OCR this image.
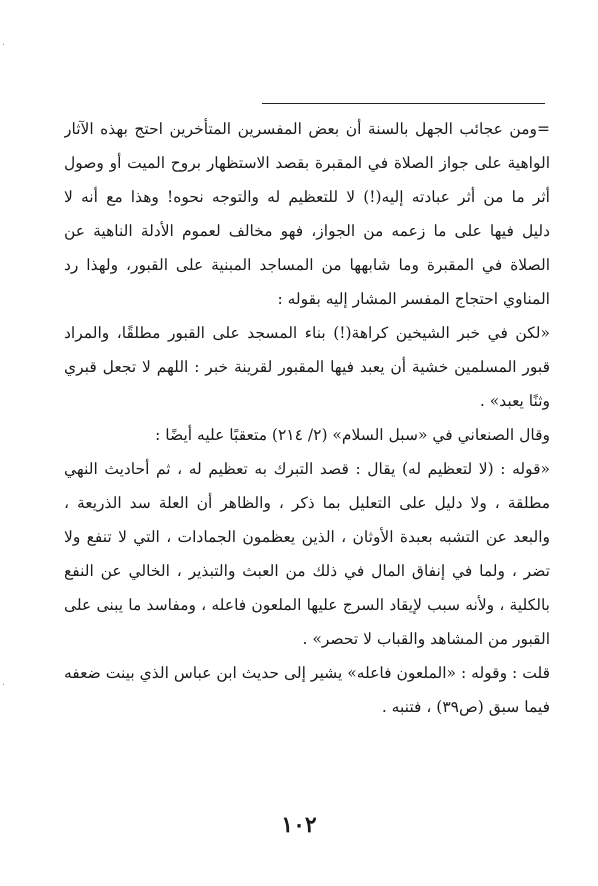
=ومن عجائب الجهل بالسنة أن بعض المفسرين المتأخرين احتج بهذه الآثار
الواهية على جواز الصلاة في المقبرة بقصد الاستظهار بروح الميت أو وصول
أثر ما من أثر عبادته إليه(!) لا للتعظيم له والتوجه نحوه! وهذا مع أنه لا
دليل فيها على ما زعمه من الجواز، فهو مخالف لعموم الأدلة الناهية عن
الصلاة في المقبرة وما شابهها من المساجد المبنية على القبور، ولهذا رد
المناوي احتجاج المفسر المشار إليه بقوله :
«لكن في خبر الشيخين كراهة(!) بناء المسجد على القبور مطلقًا، والمراد
قبور المسلمين خشية أن يعبد فيها المقبور لقرينة خبر : اللهم لا تجعل قبري
وثنًا يعبد» .
وقال الصنعاني في «سبل السلام» (٢/ ٢١٤) متعقبًا عليه أيضًا :
«قوله : (لا لتعظيم له) يقال : قصد التبرك به تعظيم له ، ثم أحاديث النهي
مطلقة ، ولا دليل على التعليل بما ذكر ، والظاهر أن العلة سد الذريعة ،
والبعد عن التشبه بعبدة الأوثان ، الذين يعظمون الجمادات ، التي لا تنفع ولا
تضر ، ولما في إنفاق المال في ذلك من العبث والتبذير ، الخالي عن النفع
بالكلية ، ولأنه سبب لإيقاد السرج عليها الملعون فاعله ، ومفاسد ما يبنى على
القبور من المشاهد والقباب لا تحصر» .
قلت : وقوله : «الملعون فاعله» يشير إلى حديث ابن عباس الذي بينت ضعفه
فيما سبق (ص٣٩) ، فتنبه .
١٠٢
·
·
